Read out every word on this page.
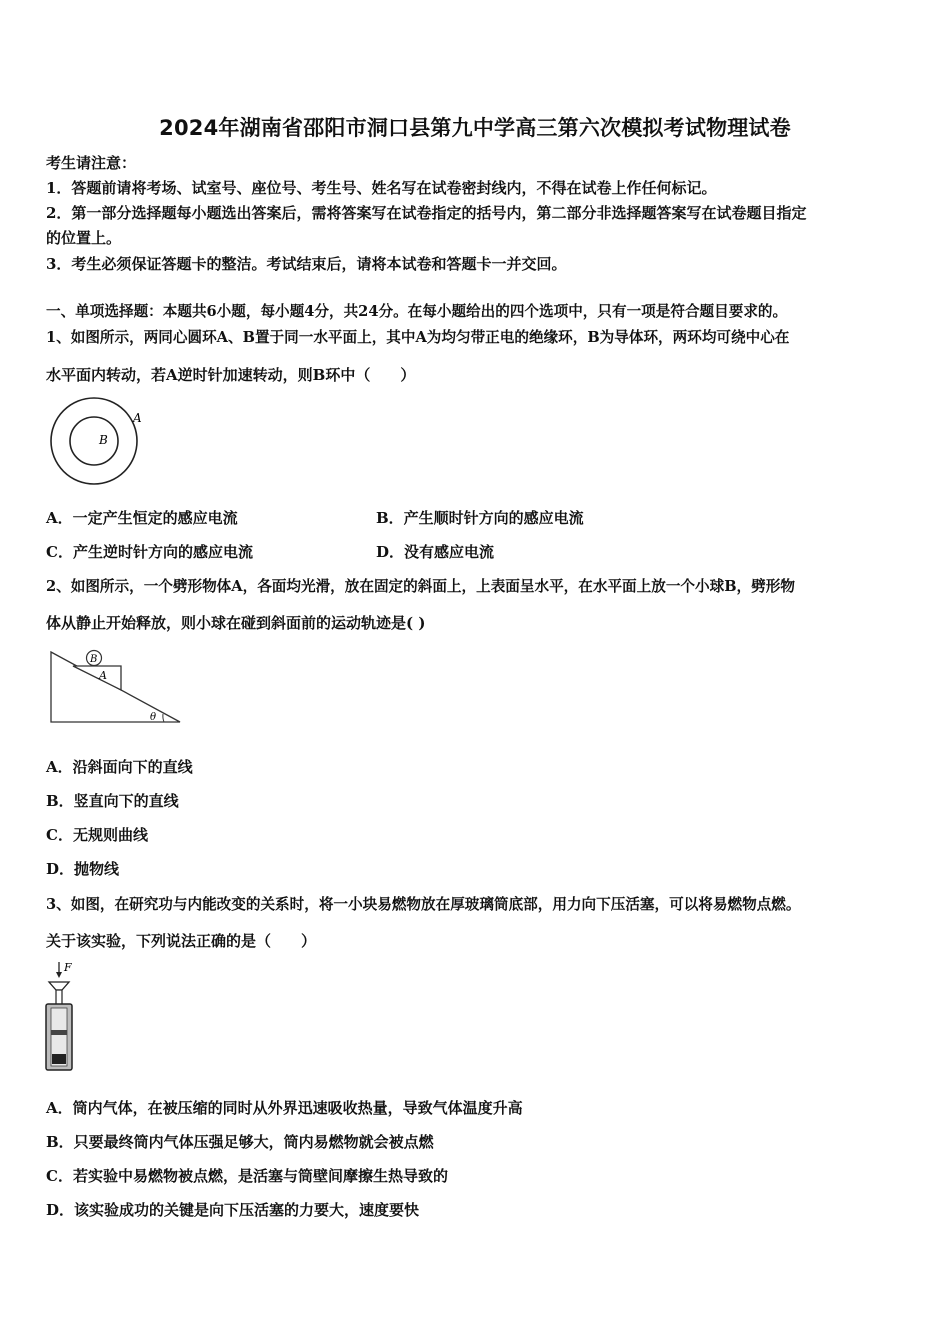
2024年湖南省邵阳市洞口县第九中学高三第六次模拟考试物理试卷
考生请注意：
1．答题前请将考场、试室号、座位号、考生号、姓名写在试卷密封线内，不得在试卷上作任何标记。
2．第一部分选择题每小题选出答案后，需将答案写在试卷指定的括号内，第二部分非选择题答案写在试卷题目指定
的位置上。
3．考生必须保证答题卡的整洁。考试结束后，请将本试卷和答题卡一并交回。
一、单项选择题：本题共6小题，每小题4分，共24分。在每小题给出的四个选项中，只有一项是符合题目要求的。
1、如图所示，两同心圆环A、B置于同一水平面上，其中A为均匀带正电的绝缘环，B为导体环，两环均可绕中心在
水平面内转动，若A逆时针加速转动，则B环中（　　）
A
B
A．一定产生恒定的感应电流	B．产生顺时针方向的感应电流
C．产生逆时针方向的感应电流	D．没有感应电流
2、如图所示，一个劈形物体A，各面均光滑，放在固定的斜面上，上表面呈水平，在水平面上放一个小球B，劈形物
体从静止开始释放，则小球在碰到斜面前的运动轨迹是( )
B
A
θ
A．沿斜面向下的直线
B．竖直向下的直线
C．无规则曲线
D．抛物线
3、如图，在研究功与内能改变的关系时，将一小块易燃物放在厚玻璃筒底部，用力向下压活塞，可以将易燃物点燃。
关于该实验，下列说法正确的是（　　）
F
A．筒内气体，在被压缩的同时从外界迅速吸收热量，导致气体温度升高
B．只要最终筒内气体压强足够大，筒内易燃物就会被点燃
C．若实验中易燃物被点燃，是活塞与筒壁间摩擦生热导致的
D．该实验成功的关键是向下压活塞的力要大，速度要快
